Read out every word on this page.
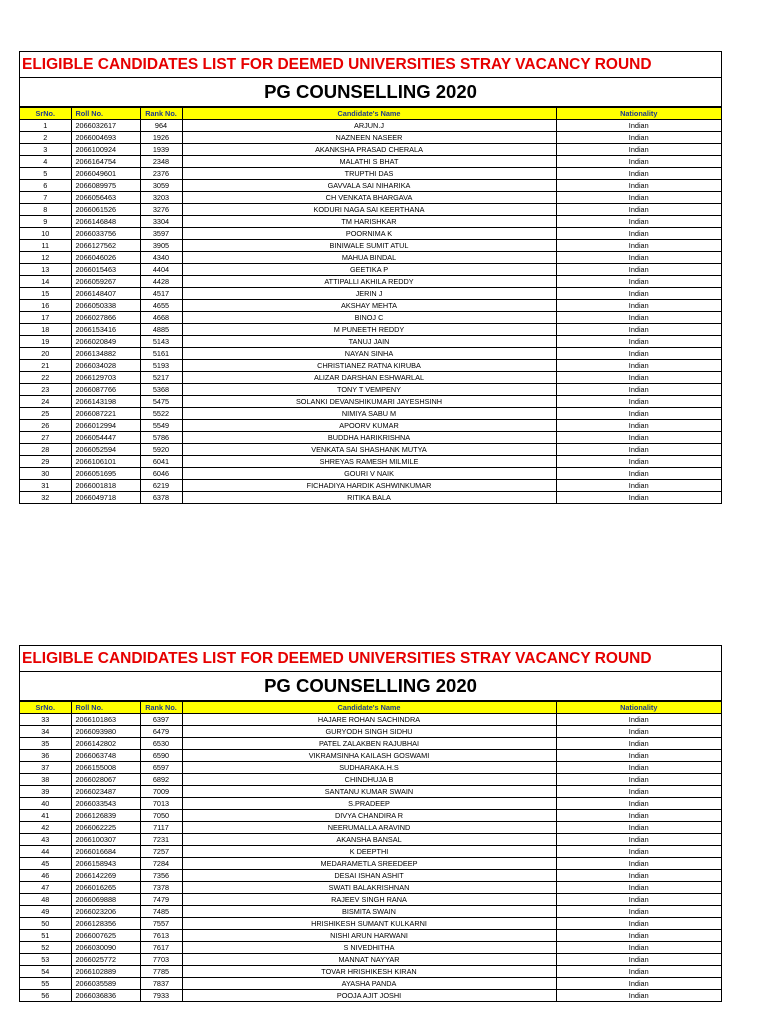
ELIGIBLE CANDIDATES LIST FOR DEEMED UNIVERSITIES STRAY VACANCY ROUND
PG COUNSELLING 2020
SrNo.	Roll No.	Rank No.	Candidate's Name	Nationality
1	2066032617	964	ARJUN.J	Indian
2	2066004693	1926	NAZNEEN NASEER	Indian
3	2066100924	1939	AKANKSHA PRASAD CHERALA	Indian
4	2066164754	2348	MALATHI S BHAT	Indian
5	2066049601	2376	TRUPTHI DAS	Indian
6	2066089975	3059	GAVVALA SAI NIHARIKA	Indian
7	2066056463	3203	CH VENKATA BHARGAVA	Indian
8	2066061526	3276	KODURI NAGA SAI KEERTHANA	Indian
9	2066146848	3304	TM HARISHKAR	Indian
10	2066033756	3597	POORNIMA K	Indian
11	2066127562	3905	BINIWALE SUMIT ATUL	Indian
12	2066046026	4340	MAHUA BINDAL	Indian
13	2066015463	4404	GEETIKA P	Indian
14	2066059267	4428	ATTIPALLI AKHILA REDDY	Indian
15	2066148407	4517	JERIN J	Indian
16	2066050338	4655	AKSHAY MEHTA	Indian
17	2066027866	4668	BINOJ C	Indian
18	2066153416	4885	M PUNEETH REDDY	Indian
19	2066020849	5143	TANUJ JAIN	Indian
20	2066134882	5161	NAYAN SINHA	Indian
21	2066034028	5193	CHRISTIANEZ RATNA KIRUBA	Indian
22	2066129703	5217	ALIZAR DARSHAN ESHWARLAL	Indian
23	2066087766	5368	TONY T VEMPENY	Indian
24	2066143198	5475	SOLANKI DEVANSHIKUMARI JAYESHSINH	Indian
25	2066087221	5522	NIMIYA SABU M	Indian
26	2066012994	5549	APOORV KUMAR	Indian
27	2066054447	5786	BUDDHA HARIKRISHNA	Indian
28	2066052594	5920	VENKATA SAI SHASHANK MUTYA	Indian
29	2066106101	6041	SHREYAS RAMESH MILMILE	Indian
30	2066051695	6046	GOURI V NAIK	Indian
31	2066001818	6219	FICHADIYA HARDIK ASHWINKUMAR	Indian
32	2066049718	6378	RITIKA BALA	Indian
ELIGIBLE CANDIDATES LIST FOR DEEMED UNIVERSITIES STRAY VACANCY ROUND
PG COUNSELLING 2020
SrNo.	Roll No.	Rank No.	Candidate's Name	Nationality
33	2066101863	6397	HAJARE ROHAN SACHINDRA	Indian
34	2066093980	6479	GURYODH SINGH SIDHU	Indian
35	2066142802	6530	PATEL ZALAKBEN RAJUBHAI	Indian
36	2066063748	6590	VIKRAMSINHA KAILASH GOSWAMI	Indian
37	2066155008	6597	SUDHARAKA.H.S	Indian
38	2066028067	6892	CHINDHUJA B	Indian
39	2066023487	7009	SANTANU KUMAR SWAIN	Indian
40	2066033543	7013	S.PRADEEP	Indian
41	2066126839	7050	DIVYA CHANDIRA R	Indian
42	2066062225	7117	NEERUMALLA ARAVIND	Indian
43	2066100307	7231	AKANSHA BANSAL	Indian
44	2066016684	7257	K DEEPTHI	Indian
45	2066158943	7284	MEDARAMETLA SREEDEEP	Indian
46	2066142269	7356	DESAI ISHAN ASHIT	Indian
47	2066016265	7378	SWATI BALAKRISHNAN	Indian
48	2066069888	7479	RAJEEV SINGH RANA	Indian
49	2066023206	7485	BISMITA SWAIN	Indian
50	2066128356	7557	HRISHIKESH SUMANT KULKARNI	Indian
51	2066007625	7613	NISHI ARUN HARWANI	Indian
52	2066030090	7617	S NIVEDHITHA	Indian
53	2066025772	7703	MANNAT NAYYAR	Indian
54	2066102889	7785	TOVAR HRISHIKESH KIRAN	Indian
55	2066035589	7837	AYASHA PANDA	Indian
56	2066036836	7933	POOJA AJIT JOSHI	Indian
